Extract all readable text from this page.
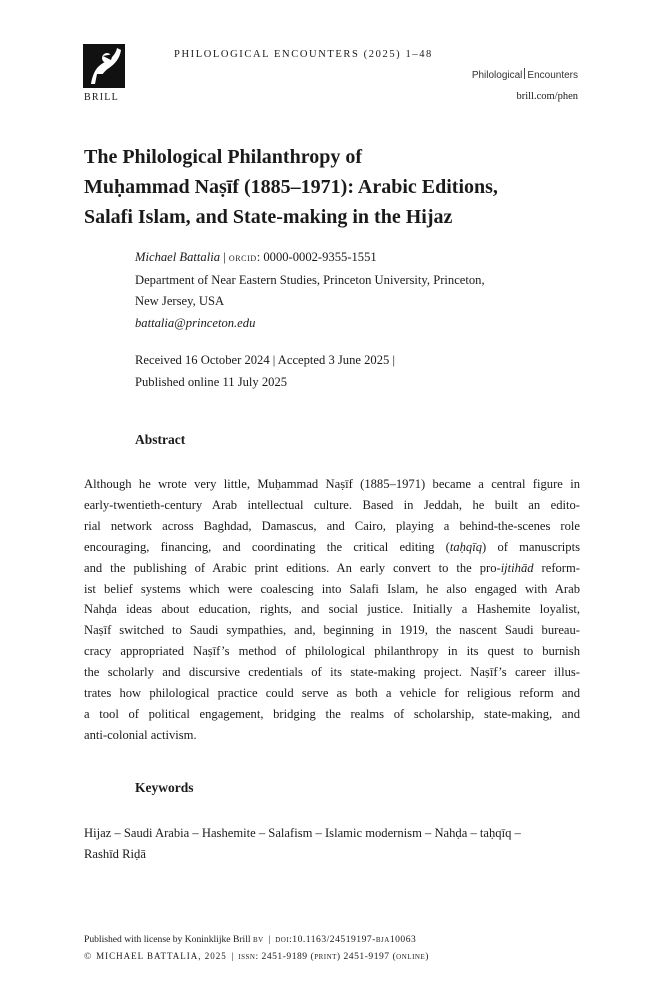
BRILL
PHILOLOGICAL ENCOUNTERS (2025) 1–48
Philological Encounters
brill.com/phen
The Philological Philanthropy of
Muḥammad Naṣīf (1885–1971): Arabic Editions,
Salafi Islam, and State-making in the Hijaz
Michael Battalia | orcid: 0000-0002-9355-1551
Department of Near Eastern Studies, Princeton University, Princeton,
New Jersey, USA
battalia@princeton.edu
Received 16 October 2024 | Accepted 3 June 2025 |
Published online 11 July 2025
Abstract
Although he wrote very little, Muḥammad Naṣīf (1885–1971) became a central figure in
early-twentieth-century Arab intellectual culture. Based in Jeddah, he built an edito-
rial network across Baghdad, Damascus, and Cairo, playing a behind-the-scenes role
encouraging, financing, and coordinating the critical editing (taḥqīq) of manuscripts
and the publishing of Arabic print editions. An early convert to the pro-ijtihād reform-
ist belief systems which were coalescing into Salafi Islam, he also engaged with Arab
Nahḍa ideas about education, rights, and social justice. Initially a Hashemite loyalist,
Naṣīf switched to Saudi sympathies, and, beginning in 1919, the nascent Saudi bureau-
cracy appropriated Naṣīf’s method of philological philanthropy in its quest to burnish
the scholarly and discursive credentials of its state-making project. Naṣīf’s career illus-
trates how philological practice could serve as both a vehicle for religious reform and
a tool of political engagement, bridging the realms of scholarship, state-making, and
anti-colonial activism.
Keywords
Hijaz – Saudi Arabia – Hashemite – Salafism – Islamic modernism – Nahḍa – taḥqīq –
Rashīd Riḍā
Published with license by Koninklijke Brill bv | doi:10.1163/24519197-bja10063
© MICHAEL BATTALIA, 2025  |  issn: 2451-9189 (print) 2451-9197 (online)
